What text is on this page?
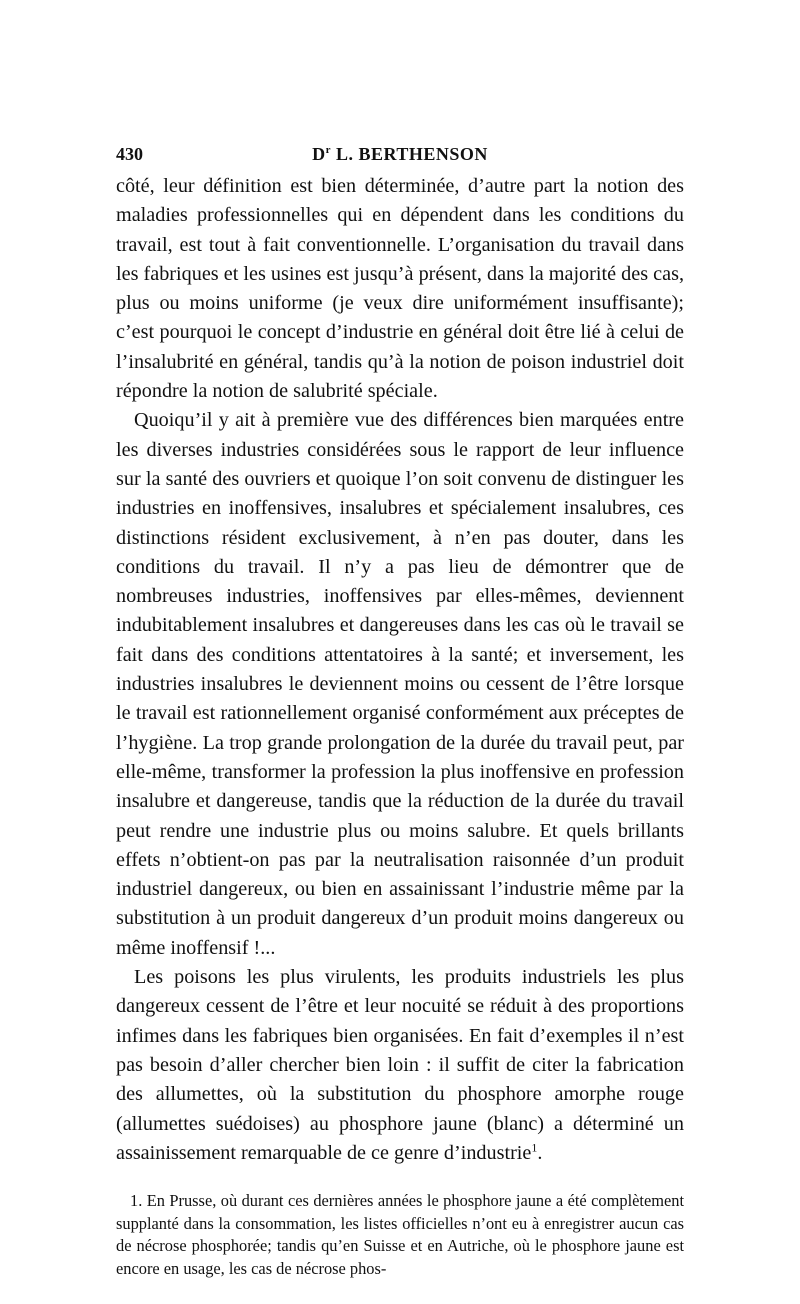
430	$D^r$ L. BERTHENSON

côté, leur définition est bien déterminée, d’autre part la notion des maladies professionnelles qui en dépendent dans les conditions du travail, est tout à fait conventionnelle. L’organisation du travail dans les fabriques et les usines est jusqu’à présent, dans la majorité des cas, plus ou moins uniforme (je veux dire uniformément insuffisante); c’est pourquoi le concept d’industrie en général doit être lié à celui de l’insalubrité en général, tandis qu’à la notion de poison industriel doit répondre la notion de salubrité spéciale.

Quoiqu’il y ait à première vue des différences bien marquées entre les diverses industries considérées sous le rapport de leur influence sur la santé des ouvriers et quoique l’on soit convenu de distinguer les industries en inoffensives, insalubres et spécialement insalubres, ces distinctions résident exclusivement, à n’en pas douter, dans les conditions du travail. Il n’y a pas lieu de démontrer que de nombreuses industries, inoffensives par elles-mêmes, deviennent indubitablement insalubres et dangereuses dans les cas où le travail se fait dans des conditions attentatoires à la santé; et inversement, les industries insalubres le deviennent moins ou cessent de l’être lorsque le travail est rationnellement organisé conformément aux préceptes de l’hygiène. La trop grande prolongation de la durée du travail peut, par elle-même, transformer la profession la plus inoffensive en profession insalubre et dangereuse, tandis que la réduction de la durée du travail peut rendre une industrie plus ou moins salubre. Et quels brillants effets n’obtient-on pas par la neutralisation raisonnée d’un produit industriel dangereux, ou bien en assainissant l’industrie même par la substitution à un produit dangereux d’un produit moins dangereux ou même inoffensif !...

Les poisons les plus virulents, les produits industriels les plus dangereux cessent de l’être et leur nocuité se réduit à des proportions infimes dans les fabriques bien organisées. En fait d’exemples il n’est pas besoin d’aller chercher bien loin : il suffit de citer la fabrication des allumettes, où la substitution du phosphore amorphe rouge (allumettes suédoises) au phosphore jaune (blanc) a déterminé un assainissement remarquable de ce genre d’industrie$^1$.

1. En Prusse, où durant ces dernières années le phosphore jaune a été complètement supplanté dans la consommation, les listes officielles n’ont eu à enregistrer aucun cas de nécrose phosphorée; tandis qu’en Suisse et en Autriche, où le phosphore jaune est encore en usage, les cas de nécrose phos-
